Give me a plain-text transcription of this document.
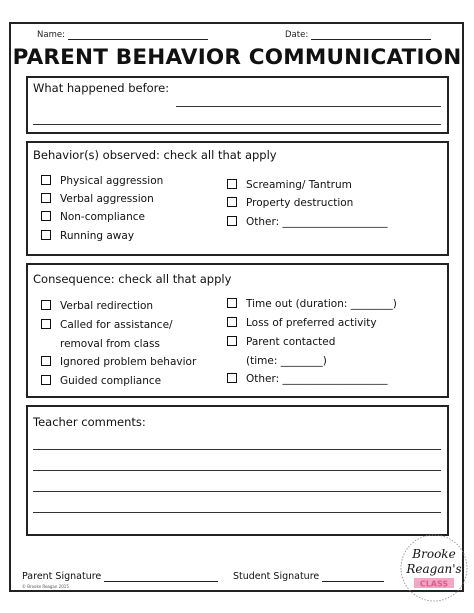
Name:	Date:
PARENT BEHAVIOR COMMUNICATION
What happened before:
Behavior(s) observed: check all that apply
Physical aggression
Verbal aggression
Non-compliance
Running away
Screaming/ Tantrum
Property destruction
Other: ____________________
Consequence: check all that apply
Verbal redirection
Called for assistance/
removal from class
Ignored problem behavior
Guided compliance
Time out (duration: ________)
Loss of preferred activity
Parent contacted
(time: ________)
Other: ____________________
Teacher comments:
Parent Signature	Student Signature
© Brooke Reagan 2015
Brooke
Reagan's
CLASS
